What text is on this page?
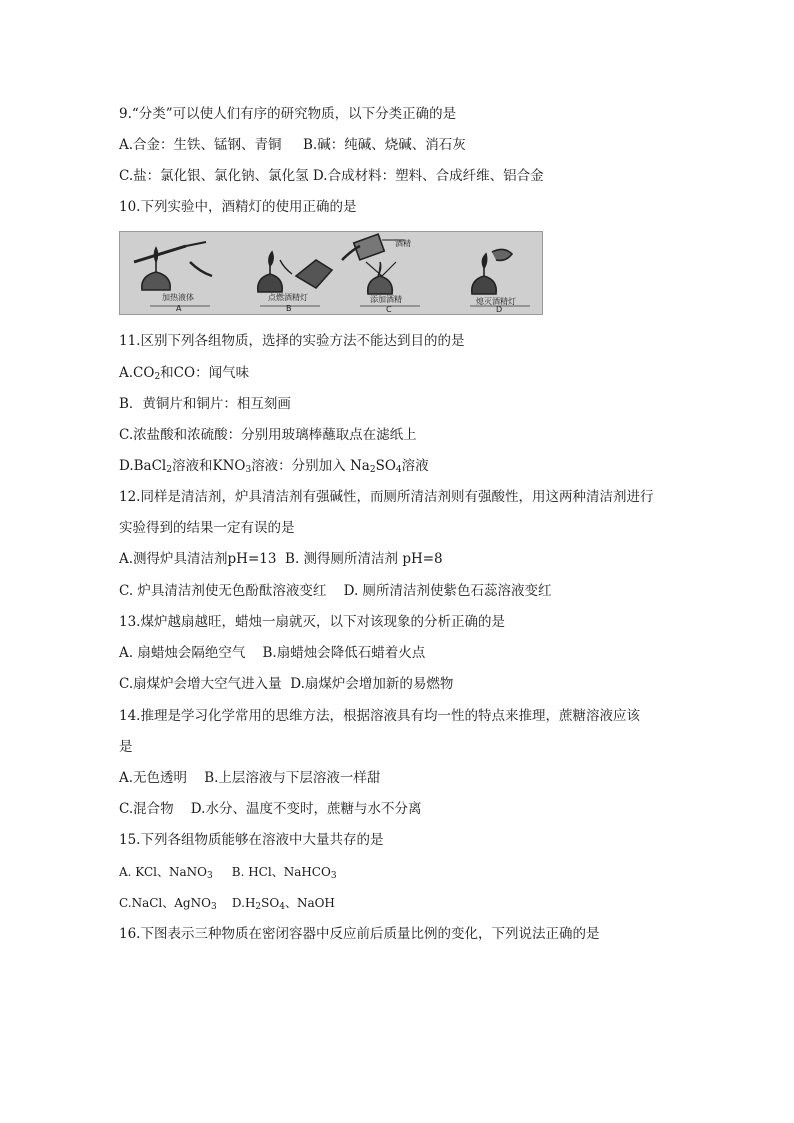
9.“分类”可以使人们有序的研究物质，以下分类正确的是
A.合金：生铁、锰钢、青铜     B.碱：纯碱、烧碱、消石灰
C.盐：氯化银、氯化钠、氯化氢 D.合成材料：塑料、合成纤维、铝合金
10.下列实验中，酒精灯的使用正确的是
酒精
加热液体	点燃酒精灯	添加酒精	熄灭酒精灯
A	B	C	D
11.区别下列各组物质，选择的实验方法不能达到目的的是
$A.CO_2$和CO：闻气味
B．黄铜片和铜片：相互刻画
C.浓盐酸和浓硫酸：分别用玻璃棒蘸取点在滤纸上
D.BaCl$_2$溶液和$KNO_3$溶液：分别加入 $Na_2SO_4$溶液
12.同样是清洁剂，炉具清洁剂有强碱性，而厕所清洁剂则有强酸性，用这两种清洁剂进行
实验得到的结果一定有误的是
A.测得炉具清洁剂pH=13  B. 测得厕所清洁剂 pH=8
C. 炉具清洁剂使无色酚酞溶液变红    D. 厕所清洁剂使紫色石蕊溶液变红
13.煤炉越扇越旺，蜡烛一扇就灭，以下对该现象的分析正确的是
A. 扇蜡烛会隔绝空气    B.扇蜡烛会降低石蜡着火点
C.扇煤炉会增大空气进入量  D.扇煤炉会增加新的易燃物
14.推理是学习化学常用的思维方法，根据溶液具有均一性的特点来推理，蔗糖溶液应该
是
A.无色透明    B.上层溶液与下层溶液一样甜
C.混合物    D.水分、温度不变时，蔗糖与水不分离
15.下列各组物质能够在溶液中大量共存的是
A. KCl、NaNO$_3$     B. HCl、NaHCO$_3$
C.NaCl、AgNO$_3$    $D.H_2SO_4$、NaOH
16.下图表示三种物质在密闭容器中反应前后质量比例的变化，下列说法正确的是
